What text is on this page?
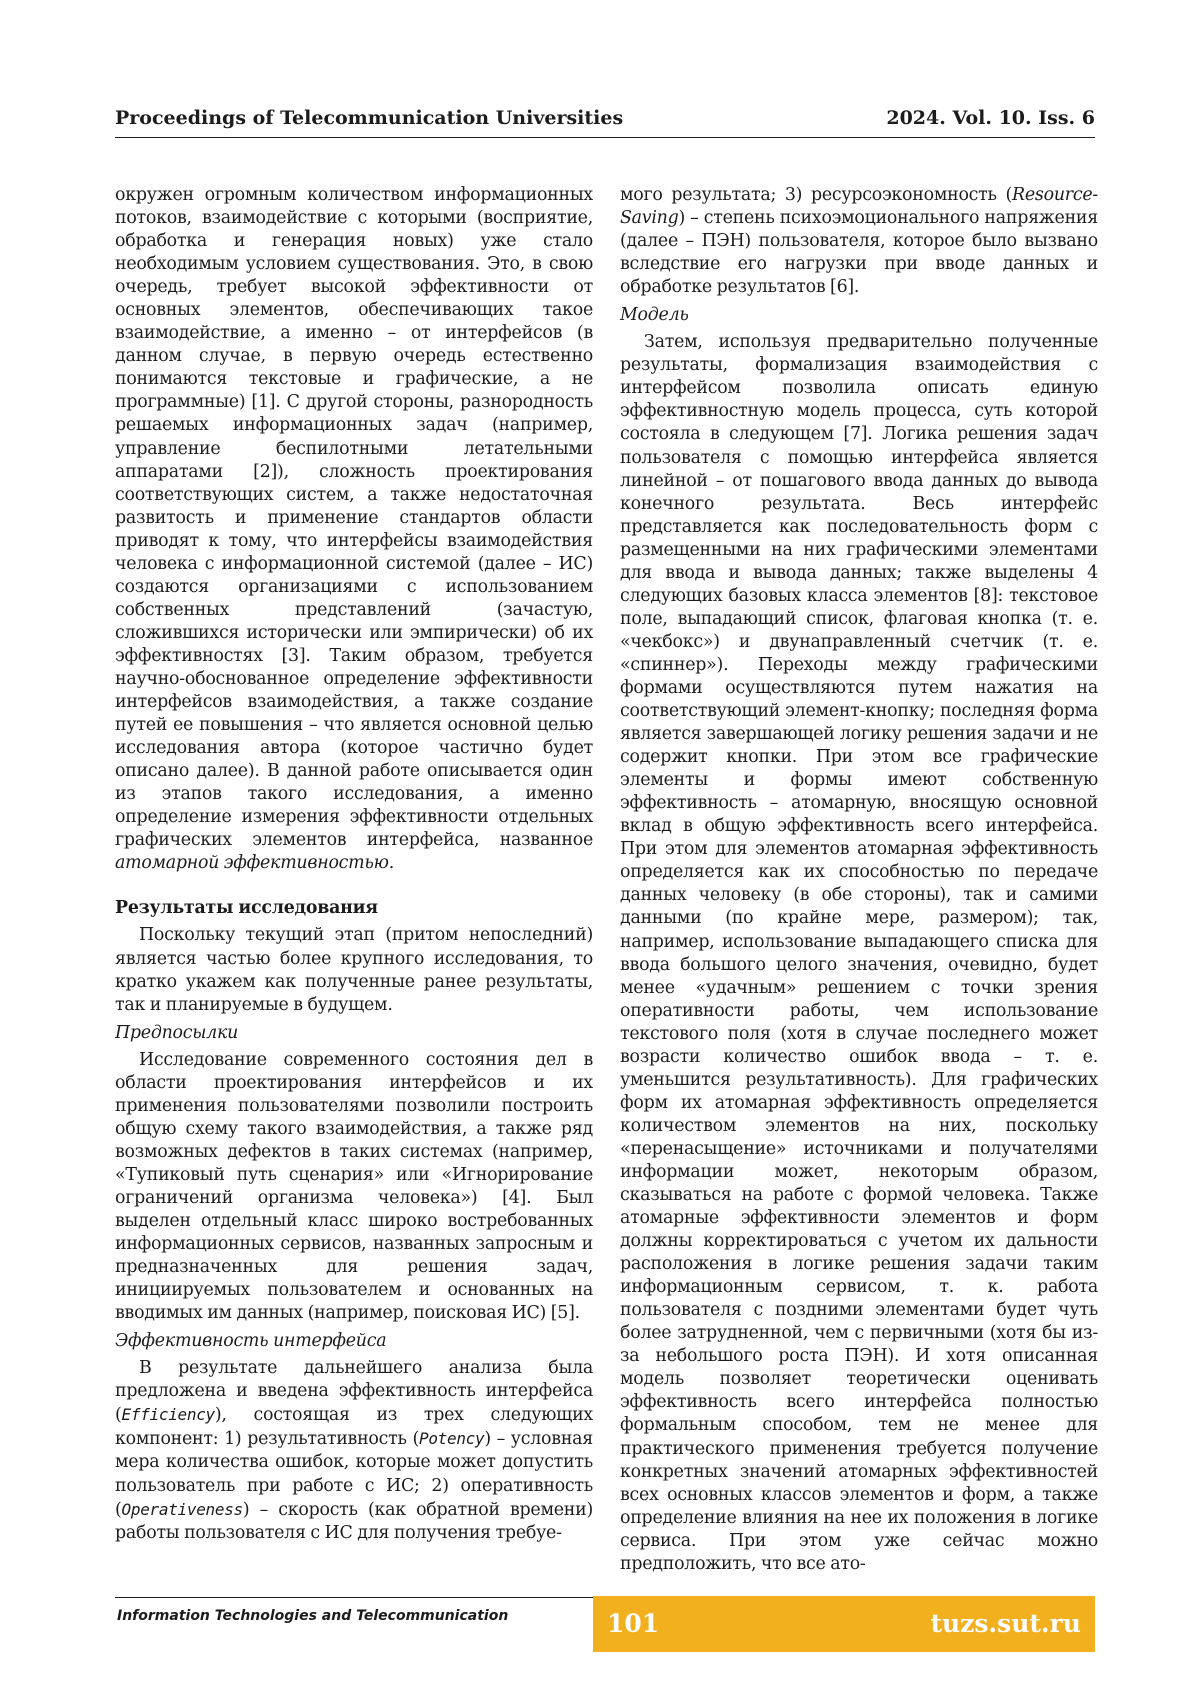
Proceedings of Telecommunication Universities	2024. Vol. 10. Iss. 6

окружен огромным количеством информационных потоков, взаимодействие с которыми (восприятие, обработка и генерация новых) уже стало необходимым условием существования. Это, в свою очередь, требует высокой эффективности от основных элементов, обеспечивающих такое взаимодействие, а именно – от интерфейсов (в данном случае, в первую очередь естественно понимаются текстовые и графические, а не программные) [1]. С другой стороны, разнородность решаемых информационных задач (например, управление беспилотными летательными аппаратами [2]), сложность проектирования соответствующих систем, а также недостаточная развитость и применение стандартов области приводят к тому, что интерфейсы взаимодействия человека с информационной системой (далее – ИС) создаются организациями с использованием собственных представлений (зачастую, сложившихся исторически или эмпирически) об их эффективностях [3]. Таким образом, требуется научно-обоснованное определение эффективности интерфейсов взаимодействия, а также создание путей ее повышения – что является основной целью исследования автора (которое частично будет описано далее). В данной работе описывается один из этапов такого исследования, а именно определение измерения эффективности отдельных графических элементов интерфейса, названное атомарной эффективностью.

Результаты исследования

Поскольку текущий этап (притом непоследний) является частью более крупного исследования, то кратко укажем как полученные ранее результаты, так и планируемые в будущем.

Предпосылки

Исследование современного состояния дел в области проектирования интерфейсов и их применения пользователями позволили построить общую схему такого взаимодействия, а также ряд возможных дефектов в таких системах (например, «Тупиковый путь сценария» или «Игнорирование ограничений организма человека») [4]. Был выделен отдельный класс широко востребованных информационных сервисов, названных запросным и предназначенных для решения задач, инициируемых пользователем и основанных на вводимых им данных (например, поисковая ИС) [5].

Эффективность интерфейса

В результате дальнейшего анализа была предложена и введена эффективность интерфейса (Efficiency), состоящая из трех следующих компонент: 1) результативность (Potency) – условная мера количества ошибок, которые может допустить пользователь при работе с ИС; 2) оперативность (Operativeness) – скорость (как обратной времени) работы пользователя с ИС для получения требуе-

мого результата; 3) ресурсоэкономность (Resource-Saving) – степень психоэмоционального напряжения (далее – ПЭН) пользователя, которое было вызвано вследствие его нагрузки при вводе данных и обработке результатов [6].

Модель

Затем, используя предварительно полученные результаты, формализация взаимодействия с интерфейсом позволила описать единую эффективностную модель процесса, суть которой состояла в следующем [7]. Логика решения задач пользователя с помощью интерфейса является линейной – от пошагового ввода данных до вывода конечного результата. Весь интерфейс представляется как последовательность форм с размещенными на них графическими элементами для ввода и вывода данных; также выделены 4 следующих базовых класса элементов [8]: текстовое поле, выпадающий список, флаговая кнопка (т. е. «чекбокс») и двунаправленный счетчик (т. е. «спиннер»). Переходы между графическими формами осуществляются путем нажатия на соответствующий элемент-кнопку; последняя форма является завершающей логику решения задачи и не содержит кнопки. При этом все графические элементы и формы имеют собственную эффективность – атомарную, вносящую основной вклад в общую эффективность всего интерфейса. При этом для элементов атомарная эффективность определяется как их способностью по передаче данных человеку (в обе стороны), так и самими данными (по крайне мере, размером); так, например, использование выпадающего списка для ввода большого целого значения, очевидно, будет менее «удачным» решением с точки зрения оперативности работы, чем использование текстового поля (хотя в случае последнего может возрасти количество ошибок ввода – т. е. уменьшится результативность). Для графических форм их атомарная эффективность определяется количеством элементов на них, поскольку «перенасыщение» источниками и получателями информации может, некоторым образом, сказываться на работе с формой человека. Также атомарные эффективности элементов и форм должны корректироваться с учетом их дальности расположения в логике решения задачи таким информационным сервисом, т. к. работа пользователя с поздними элементами будет чуть более затрудненной, чем с первичными (хотя бы из-за небольшого роста ПЭН). И хотя описанная модель позволяет теоретически оценивать эффективность всего интерфейса полностью формальным способом, тем не менее для практического применения требуется получение конкретных значений атомарных эффективностей всех основных классов элементов и форм, а также определение влияния на нее их положения в логике сервиса. При этом уже сейчас можно предположить, что все ато-

Information Technologies and Telecommunication	101	tuzs.sut.ru
